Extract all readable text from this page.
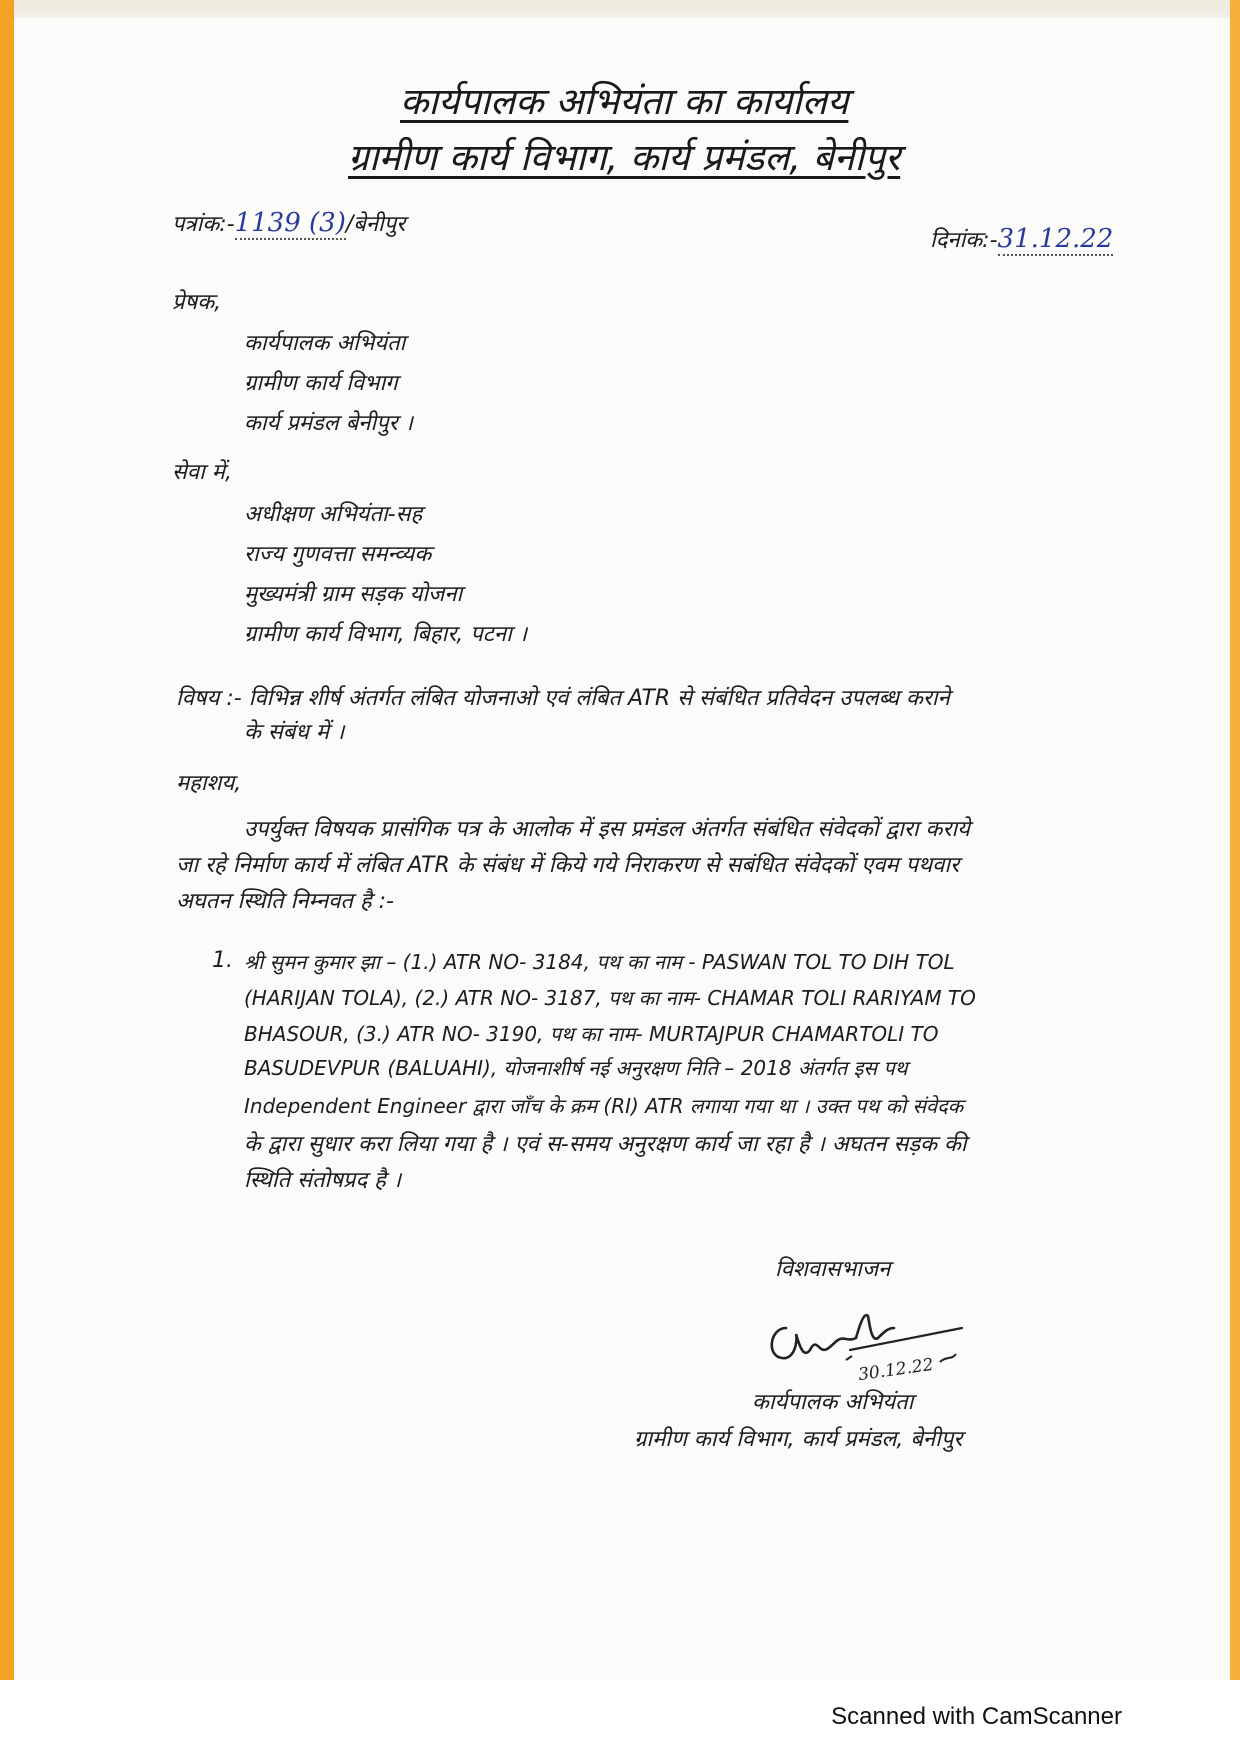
कार्यपालक अभियंता का कार्यालय
ग्रामीण कार्य विभाग, कार्य प्रमंडल, बेनीपुर
पत्रांक:-1139 (3)/बेनीपुर
दिनांक:-31.12.22
प्रेषक,
कार्यपालक अभियंता
ग्रामीण कार्य विभाग
कार्य प्रमंडल बेनीपुर ।
सेवा में,
अधीक्षण अभियंता-सह
राज्य गुणवत्ता समन्व्यक
मुख्यमंत्री ग्राम सड़क योजना
ग्रामीण कार्य विभाग, बिहार, पटना ।
विषय :- विभिन्न शीर्ष अंतर्गत लंबित योजनाओ एवं लंबित ATR से संबंधित प्रतिवेदन उपलब्ध कराने
के संबंध में ।
महाशय,
उपर्युक्त विषयक प्रासंगिक पत्र के आलोक में इस प्रमंडल अंतर्गत संबंधित संवेदकों द्वारा कराये
जा रहे निर्माण कार्य में लंबित ATR के संबंध में किये गये निराकरण से सबंधित संवेदकों एवम पथवार
अघतन स्थिति निम्नवत है :-
1. श्री सुमन कुमार झा – (1.) ATR NO- 3184, पथ का नाम - PASWAN TOL TO DIH TOL
(HARIJAN TOLA), (2.) ATR NO- 3187, पथ का नाम- CHAMAR TOLI RARIYAM TO
BHASOUR, (3.) ATR NO- 3190, पथ का नाम- MURTAJPUR CHAMARTOLI TO
BASUDEVPUR (BALUAHI), योजनाशीर्ष नई अनुरक्षण निति – 2018 अंतर्गत इस पथ
Independent Engineer द्वारा जाँच के क्रम (RI) ATR लगाया गया था । उक्त पथ को संवेदक
के द्वारा सुधार करा लिया गया है । एवं स-समय अनुरक्षण कार्य जा रहा है । अघतन सड़क की
स्थिति संतोषप्रद है ।
विशवासभाजन
30.12.22
कार्यपालक अभियंता
ग्रामीण कार्य विभाग, कार्य प्रमंडल, बेनीपुर
Scanned with CamScanner
